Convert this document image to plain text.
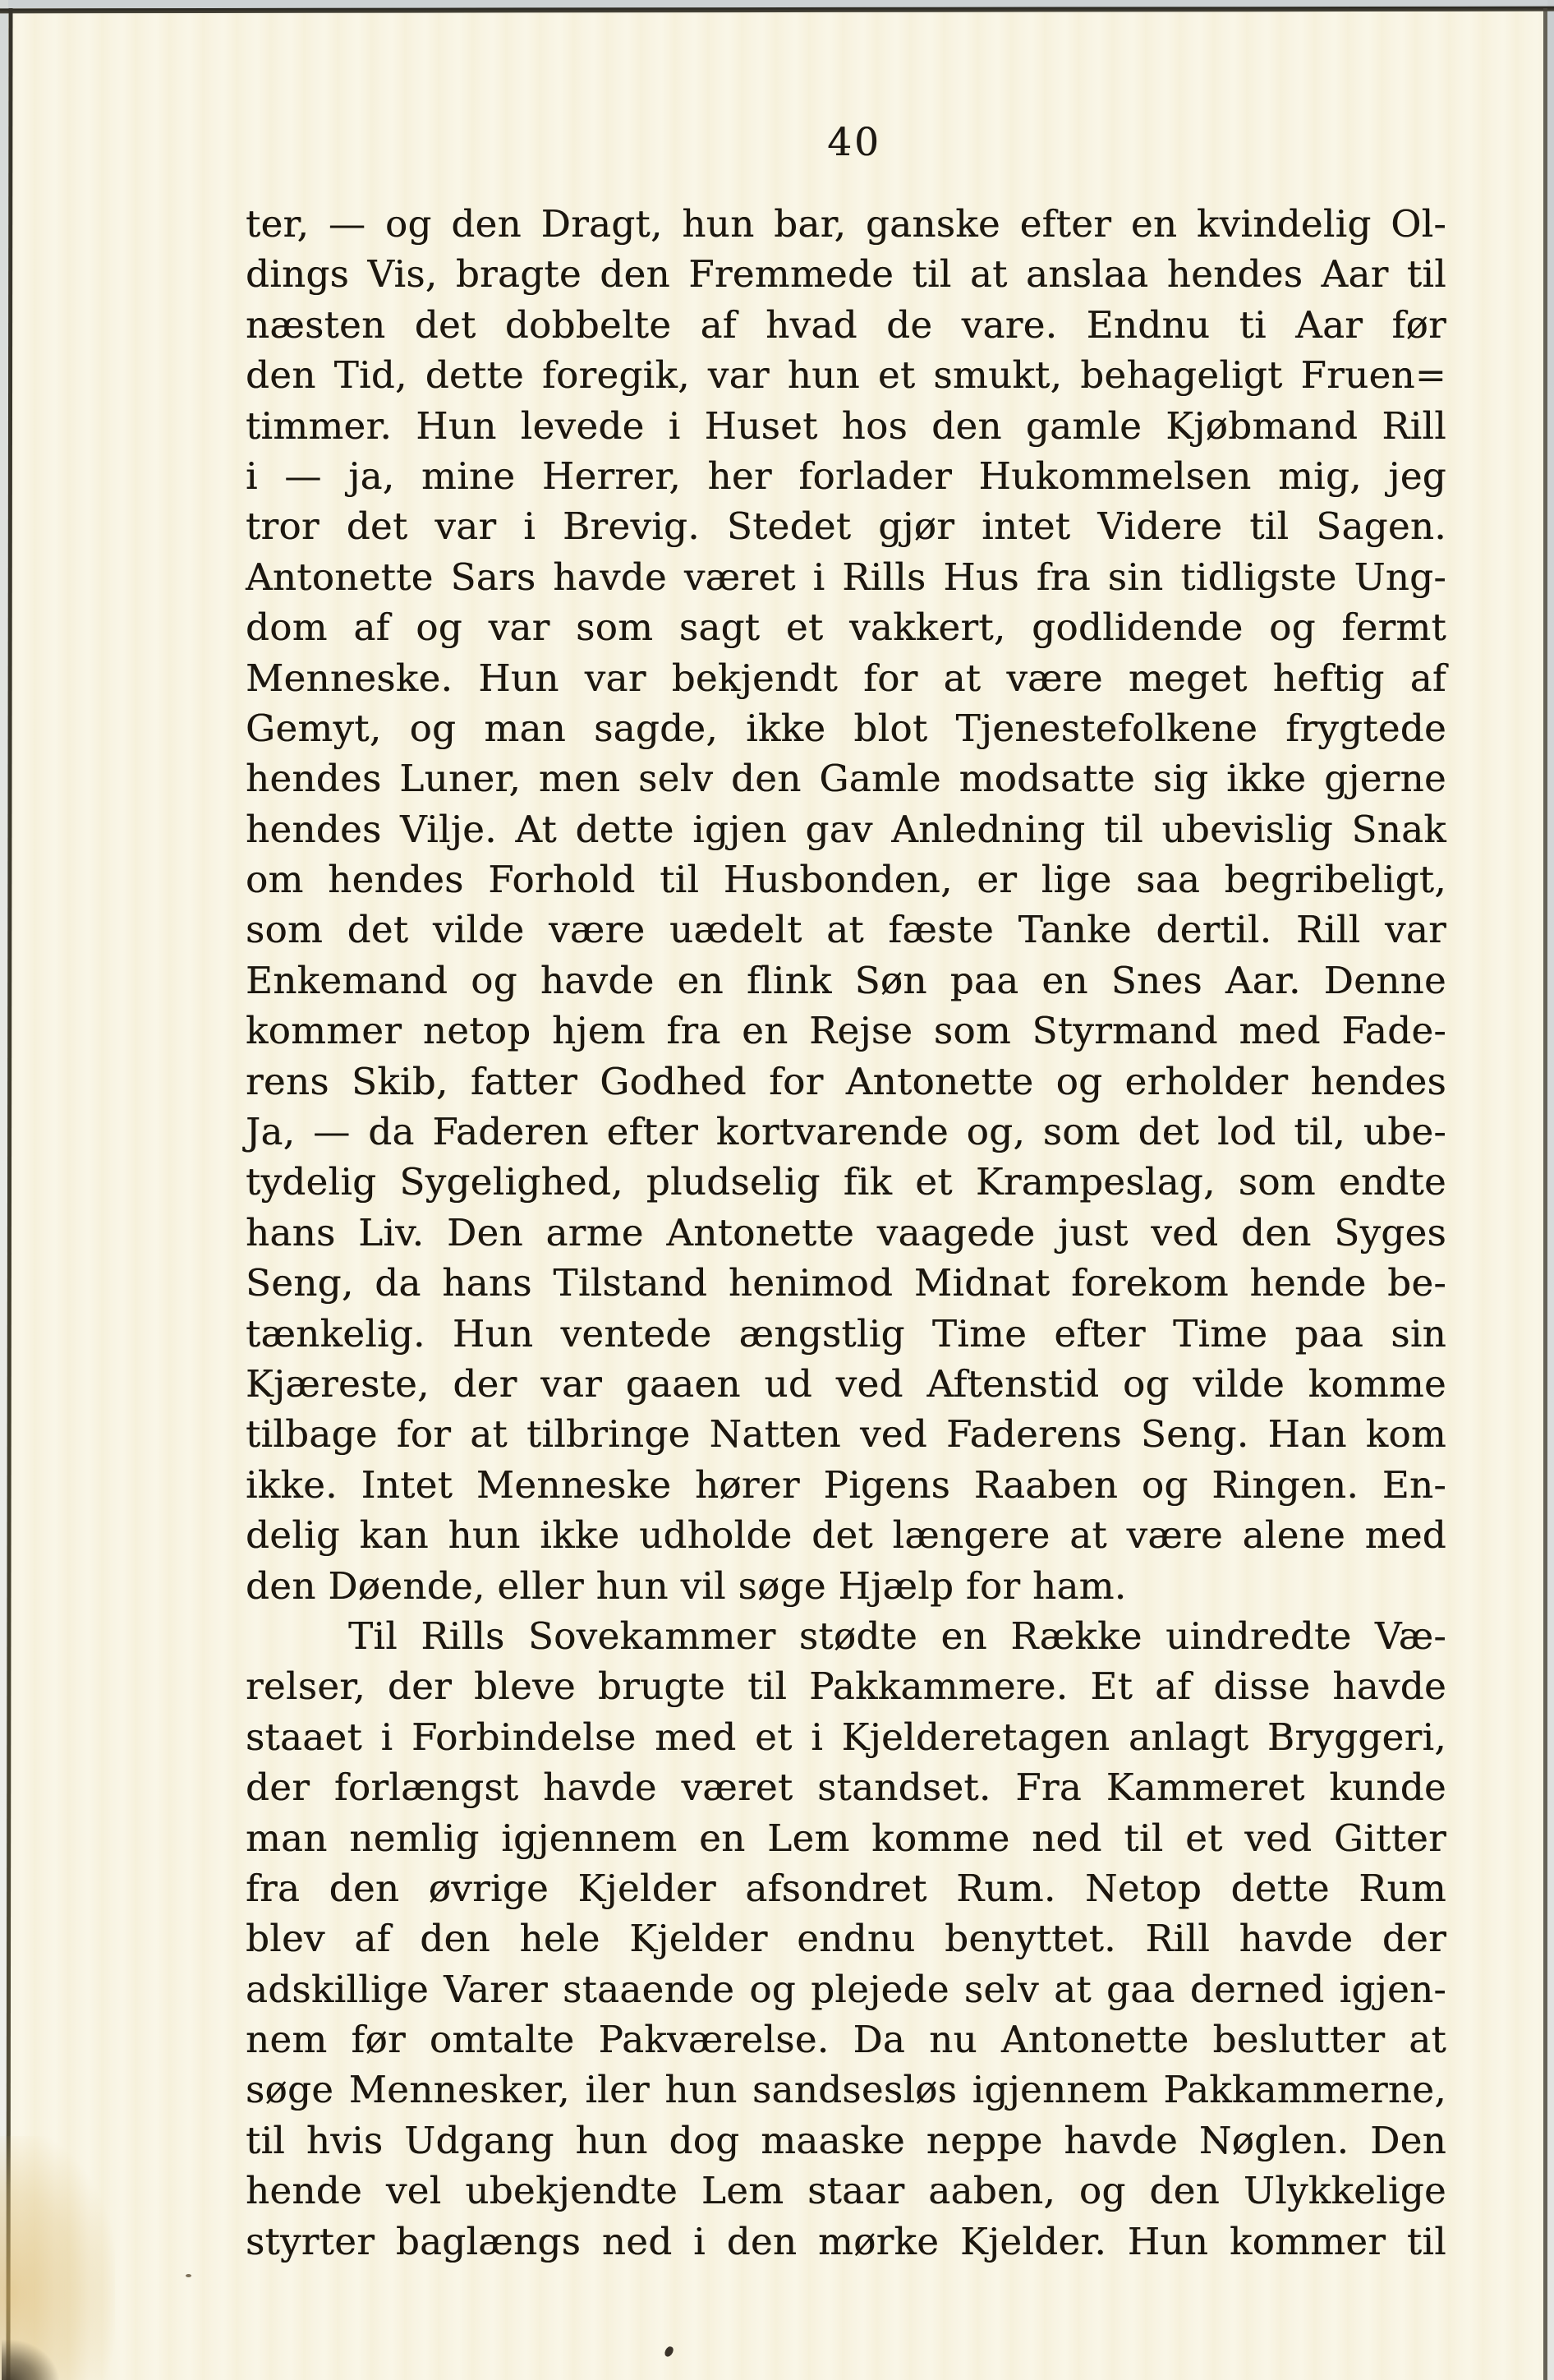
40
ter, — og den Dragt, hun bar, ganske efter en kvindelig Ol-
dings Vis, bragte den Fremmede til at anslaa hendes Aar til
næsten det dobbelte af hvad de vare. Endnu ti Aar før
den Tid, dette foregik, var hun et smukt, behageligt Fruen=
timmer. Hun levede i Huset hos den gamle Kjøbmand Rill
i — ja, mine Herrer, her forlader Hukommelsen mig, jeg
tror det var i Brevig. Stedet gjør intet Videre til Sagen.
Antonette Sars havde været i Rills Hus fra sin tidligste Ung-
dom af og var som sagt et vakkert, godlidende og fermt
Menneske. Hun var bekjendt for at være meget heftig af
Gemyt, og man sagde, ikke blot Tjenestefolkene frygtede
hendes Luner, men selv den Gamle modsatte sig ikke gjerne
hendes Vilje. At dette igjen gav Anledning til ubevislig Snak
om hendes Forhold til Husbonden, er lige saa begribeligt,
som det vilde være uædelt at fæste Tanke dertil. Rill var
Enkemand og havde en flink Søn paa en Snes Aar. Denne
kommer netop hjem fra en Rejse som Styrmand med Fade-
rens Skib, fatter Godhed for Antonette og erholder hendes
Ja, — da Faderen efter kortvarende og, som det lod til, ube-
tydelig Sygelighed, pludselig fik et Krampeslag, som endte
hans Liv. Den arme Antonette vaagede just ved den Syges
Seng, da hans Tilstand henimod Midnat forekom hende be-
tænkelig. Hun ventede ængstlig Time efter Time paa sin
Kjæreste, der var gaaen ud ved Aftenstid og vilde komme
tilbage for at tilbringe Natten ved Faderens Seng. Han kom
ikke. Intet Menneske hører Pigens Raaben og Ringen. En-
delig kan hun ikke udholde det længere at være alene med
den Døende, eller hun vil søge Hjælp for ham.
Til Rills Sovekammer stødte en Række uindredte Væ-
relser, der bleve brugte til Pakkammere. Et af disse havde
staaet i Forbindelse med et i Kjelderetagen anlagt Bryggeri,
der forlængst havde været standset. Fra Kammeret kunde
man nemlig igjennem en Lem komme ned til et ved Gitter
fra den øvrige Kjelder afsondret Rum. Netop dette Rum
blev af den hele Kjelder endnu benyttet. Rill havde der
adskillige Varer staaende og plejede selv at gaa derned igjen-
nem før omtalte Pakværelse. Da nu Antonette beslutter at
søge Mennesker, iler hun sandsesløs igjennem Pakkammerne,
til hvis Udgang hun dog maaske neppe havde Nøglen. Den
hende vel ubekjendte Lem staar aaben, og den Ulykkelige
styrter baglængs ned i den mørke Kjelder. Hun kommer til
